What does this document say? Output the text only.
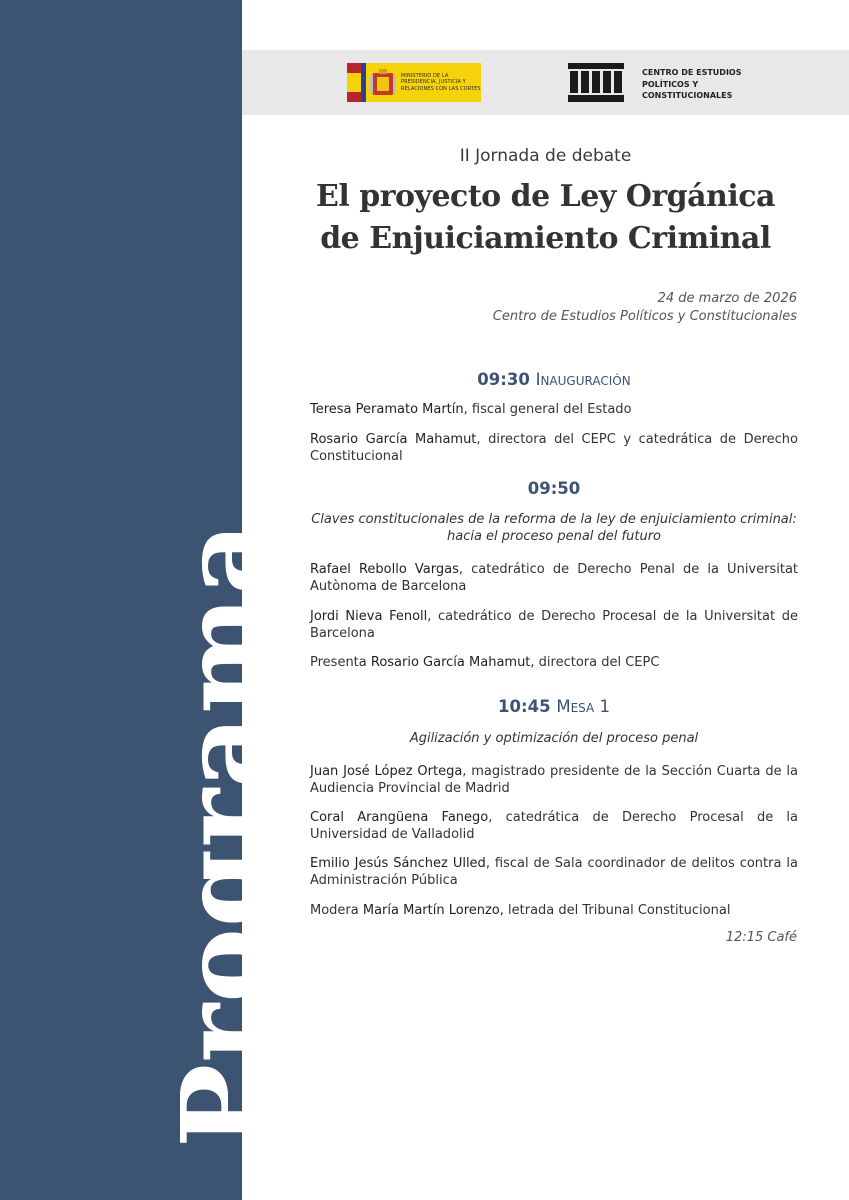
Programa
MINISTERIO DE LA PRESIDENCIA, JUSTICIA Y RELACIONES CON LAS CORTES
CENTRO DE ESTUDIOS
POLÍTICOS Y
CONSTITUCIONALES
II Jornada de debate
El proyecto de Ley Orgánica
de Enjuiciamiento Criminal
24 de marzo de 2026
Centro de Estudios Políticos y Constitucionales
09:30 Inauguración
Teresa Peramato Martín, fiscal general del Estado
Rosario García Mahamut, directora del CEPC y catedrática de Derecho Constitucional
09:50
Claves constitucionales de la reforma de la ley de enjuiciamiento criminal: hacia el proceso penal del futuro
Rafael Rebollo Vargas, catedrático de Derecho Penal de la Universitat Autònoma de Barcelona
Jordi Nieva Fenoll, catedrático de Derecho Procesal de la Universitat de Barcelona
Presenta Rosario García Mahamut, directora del CEPC
10:45 Mesa 1
Agilización y optimización del proceso penal
Juan José López Ortega, magistrado presidente de la Sección Cuarta de la Audiencia Provincial de Madrid
Coral Arangüena Fanego, catedrática de Derecho Procesal de la Universidad de Valladolid
Emilio Jesús Sánchez Ulled, fiscal de Sala coordinador de delitos contra la Administración Pública
Modera María Martín Lorenzo, letrada del Tribunal Constitucional
12:15 Café
